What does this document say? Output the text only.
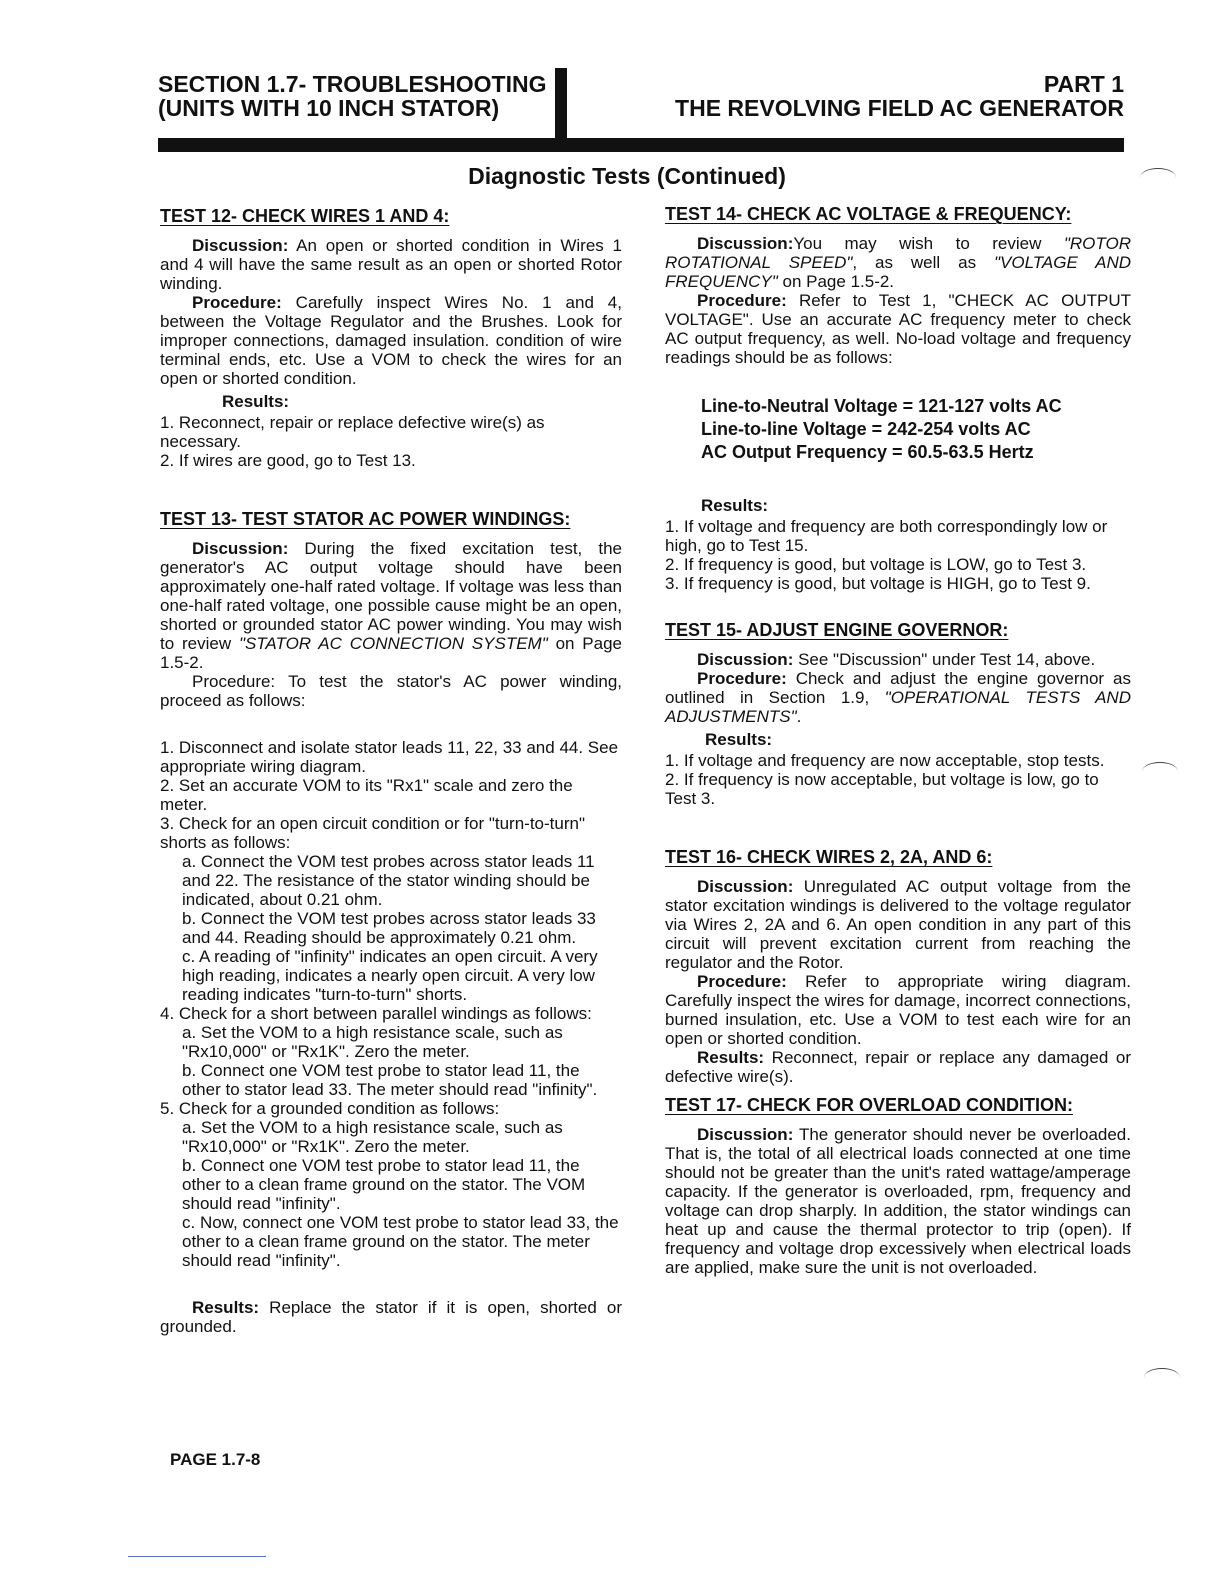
SECTION 1.7- TROUBLESHOOTING
(UNITS WITH 10 INCH STATOR)
PART 1
THE REVOLVING FIELD AC GENERATOR
Diagnostic Tests (Continued)
TEST 12- CHECK WIRES 1 AND 4:

Discussion: An open or shorted condition in Wires 1 and 4 will have the same result as an open or shorted Rotor winding.

Procedure: Carefully inspect Wires No. 1 and 4, between the Voltage Regulator and the Brushes. Look for improper connections, damaged insulation. condition of wire terminal ends, etc. Use a VOM to check the wires for an open or shorted condition.

Results:

1. Reconnect, repair or replace defective wire(s) as necessary.

2. If wires are good, go to Test 13.

TEST 13- TEST STATOR AC POWER WINDINGS:

Discussion: During the fixed excitation test, the generator's AC output voltage should have been approximately one-half rated voltage. If voltage was less than one-half rated voltage, one possible cause might be an open, shorted or grounded stator AC power winding. You may wish to review "STATOR AC CONNECTION SYSTEM" on Page 1.5-2.

Procedure: To test the stator's AC power winding, proceed as follows:

1. Disconnect and isolate stator leads 11, 22, 33 and 44. See appropriate wiring diagram.

2. Set an accurate VOM to its "Rx1" scale and zero the meter.

3. Check for an open circuit condition or for "turn-to-turn" shorts as follows:

a. Connect the VOM test probes across stator leads 11 and 22. The resistance of the stator winding should be indicated, about 0.21 ohm.

b. Connect the VOM test probes across stator leads 33 and 44. Reading should be approximately 0.21 ohm.

c. A reading of "infinity" indicates an open circuit. A very high reading, indicates a nearly open circuit. A very low reading indicates "turn-to-turn" shorts.

4. Check for a short between parallel windings as follows:

a. Set the VOM to a high resistance scale, such as "Rx10,000" or "Rx1K". Zero the meter.

b. Connect one VOM test probe to stator lead 11, the other to stator lead 33. The meter should read "infinity".

5. Check for a grounded condition as follows:

a. Set the VOM to a high resistance scale, such as "Rx10,000" or "Rx1K". Zero the meter.

b. Connect one VOM test probe to stator lead 11, the other to a clean frame ground on the stator. The VOM should read "infinity".

c. Now, connect one VOM test probe to stator lead 33, the other to a clean frame ground on the stator. The meter should read "infinity".

Results: Replace the stator if it is open, shorted or grounded.

TEST 14- CHECK AC VOLTAGE & FREQUENCY:

Discussion:You may wish to review "ROTOR ROTATIONAL SPEED", as well as "VOLTAGE AND FREQUENCY" on Page 1.5-2.

Procedure: Refer to Test 1, "CHECK AC OUTPUT VOLTAGE". Use an accurate AC frequency meter to check AC output frequency, as well. No-load voltage and frequency readings should be as follows:

Line-to-Neutral Voltage = 121-127 volts AC
Line-to-line Voltage = 242-254 volts AC
AC Output Frequency = 60.5-63.5 Hertz
Results:

1. If voltage and frequency are both correspondingly low or high, go to Test 15.

2. If frequency is good, but voltage is LOW, go to Test 3.

3. If frequency is good, but voltage is HIGH, go to Test 9.

TEST 15- ADJUST ENGINE GOVERNOR:

Discussion: See "Discussion" under Test 14, above.

Procedure: Check and adjust the engine governor as outlined in Section 1.9, "OPERATIONAL TESTS AND ADJUSTMENTS".

Results:

1. If voltage and frequency are now acceptable, stop tests.

2. If frequency is now acceptable, but voltage is low, go to Test 3.

TEST 16- CHECK WIRES 2, 2A, AND 6:

Discussion: Unregulated AC output voltage from the stator excitation windings is delivered to the voltage regulator via Wires 2, 2A and 6. An open condition in any part of this circuit will prevent excitation current from reaching the regulator and the Rotor.

Procedure: Refer to appropriate wiring diagram. Carefully inspect the wires for damage, incorrect connections, burned insulation, etc. Use a VOM to test each wire for an open or shorted condition.

Results: Reconnect, repair or replace any damaged or defective wire(s).

TEST 17- CHECK FOR OVERLOAD CONDITION:

Discussion: The generator should never be overloaded. That is, the total of all electrical loads connected at one time should not be greater than the unit's rated wattage/amperage capacity. If the generator is overloaded, rpm, frequency and voltage can drop sharply. In addition, the stator windings can heat up and cause the thermal protector to trip (open). If frequency and voltage drop excessively when electrical loads are applied, make sure the unit is not overloaded.

PAGE 1.7-8
